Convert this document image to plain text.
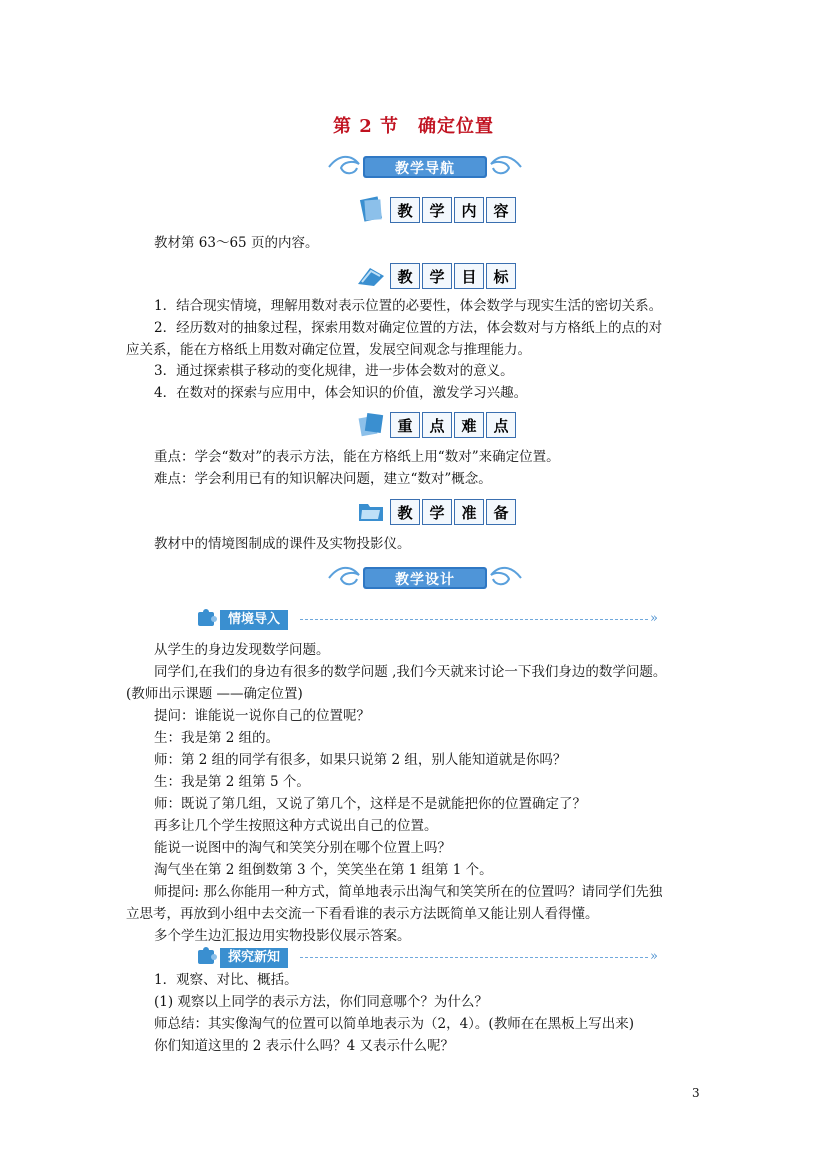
第 2 节　确定位置
教学导航
教	学	内	容
教材第 63～65 页的内容。
教	学	目	标
1．结合现实情境，理解用数对表示位置的必要性，体会数学与现实生活的密切关系。
2．经历数对的抽象过程，探索用数对确定位置的方法，体会数对与方格纸上的点的对
应关系，能在方格纸上用数对确定位置，发展空间观念与推理能力。
3．通过探索棋子移动的变化规律，进一步体会数对的意义。
4．在数对的探索与应用中，体会知识的价值，激发学习兴趣。
重	点	难	点
重点：学会“数对”的表示方法，能在方格纸上用“数对”来确定位置。
难点：学会利用已有的知识解决问题，建立“数对”概念。
教	学	准	备
教材中的情境图制成的课件及实物投影仪。
教学设计
情境导入	»
从学生的身边发现数学问题。
同学们,在我们的身边有很多的数学问题 ,我们今天就来讨论一下我们身边的数学问题。
(教师出示课题 ——确定位置)
提问：谁能说一说你自己的位置呢？
生：我是第 2 组的。
师：第 2 组的同学有很多，如果只说第 2 组，别人能知道就是你吗？
生：我是第 2 组第 5 个。
师：既说了第几组，又说了第几个，这样是不是就能把你的位置确定了？
再多让几个学生按照这种方式说出自己的位置。
能说一说图中的淘气和笑笑分别在哪个位置上吗？
淘气坐在第 2 组倒数第 3 个，笑笑坐在第 1 组第 1 个。
师提问: 那么你能用一种方式，简单地表示出淘气和笑笑所在的位置吗？请同学们先独
立思考，再放到小组中去交流一下看看谁的表示方法既简单又能让别人看得懂。
多个学生边汇报边用实物投影仪展示答案。
探究新知	»
1．观察、对比、概括。
(1) 观察以上同学的表示方法，你们同意哪个？为什么？
师总结：其实像淘气的位置可以简单地表示为（2，4）。(教师在在黑板上写出来)
你们知道这里的 2 表示什么吗？4 又表示什么呢？
3
